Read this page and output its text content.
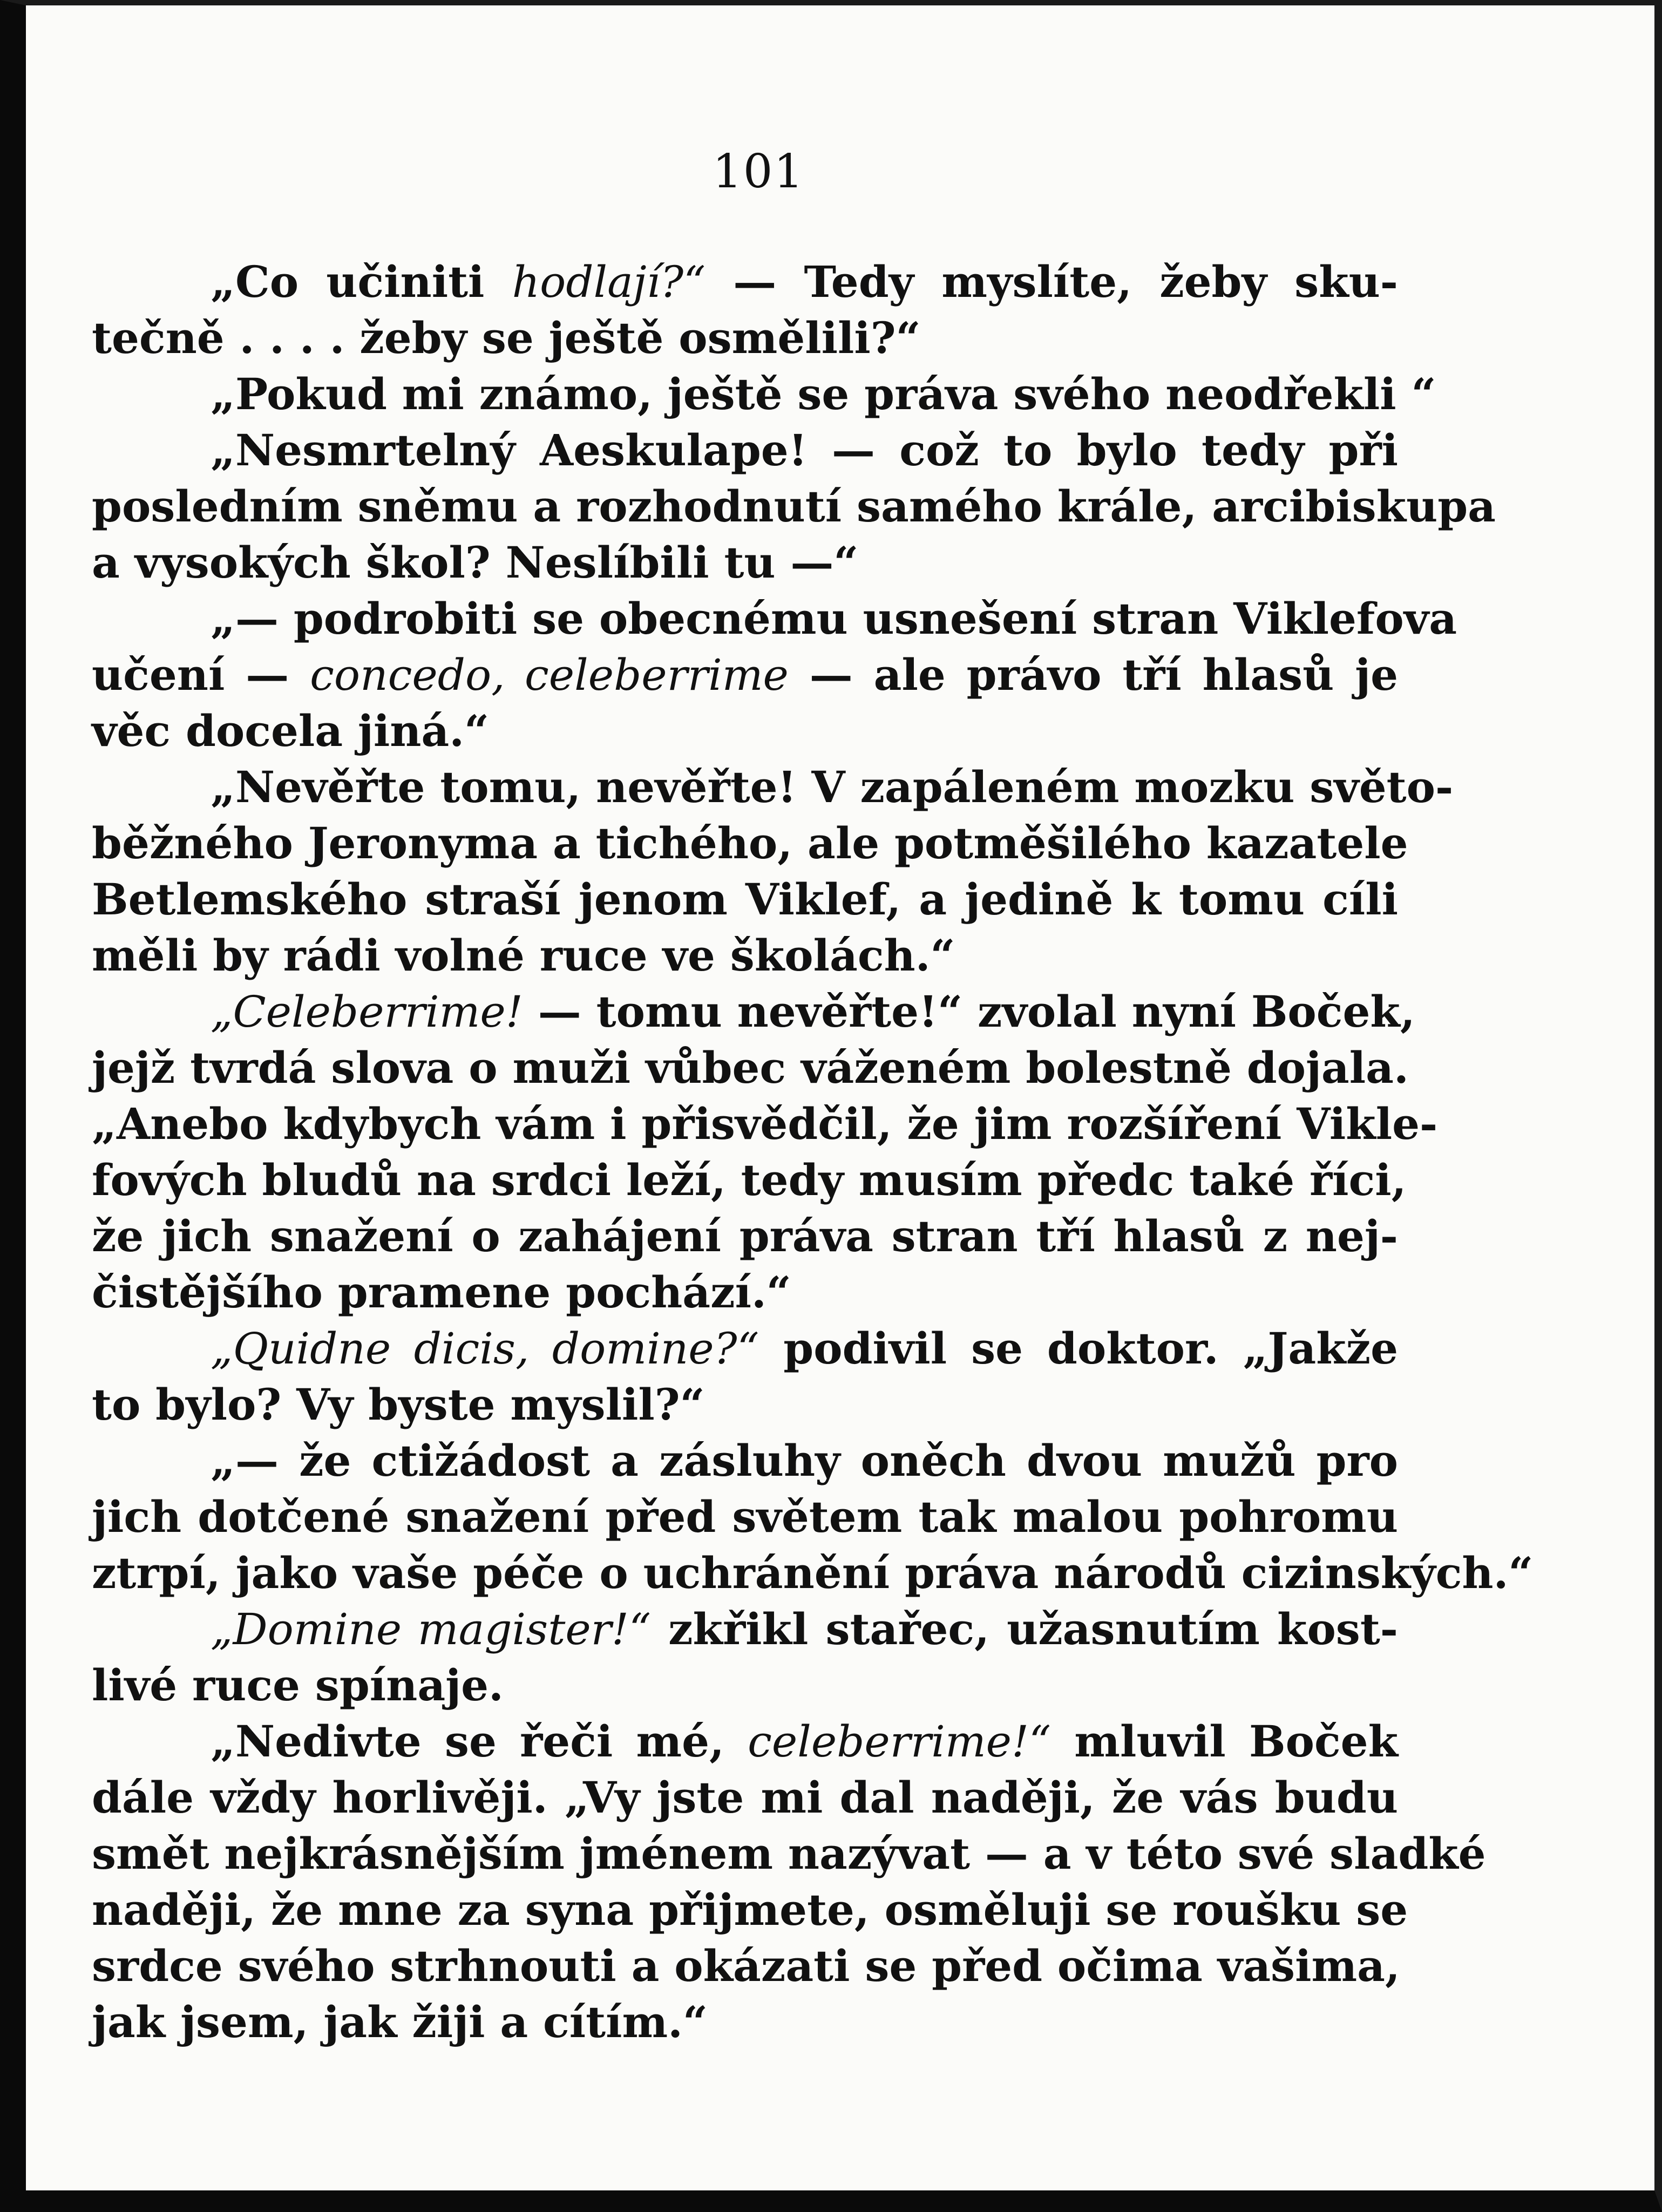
101
„Co učiniti hodlají?“ — Tedy myslíte, žeby sku-
tečně . . . . žeby se ještě osmělili?“
„Pokud mi známo, ještě se práva svého neodřekli “
„Nesmrtelný Aeskulape! — což to bylo tedy při
posledním sněmu a rozhodnutí samého krále, arcibiskupa
a vysokých škol? Neslíbili tu —“
„— podrobiti se obecnému usnešení stran Viklefova
učení — concedo, celeberrime — ale právo tří hlasů je
věc docela jiná.“
„Nevěřte tomu, nevěřte! V zapáleném mozku světo-
běžného Jeronyma a tichého, ale potměšilého kazatele
Betlemského straší jenom Viklef, a jedině k tomu cíli
měli by rádi volné ruce ve školách.“
„Celeberrime! — tomu nevěřte!“ zvolal nyní Boček,
jejž tvrdá slova o muži vůbec váženém bolestně dojala.
„Anebo kdybych vám i přisvědčil, že jim rozšíření Vikle-
fových bludů na srdci leží, tedy musím předc také říci,
že jich snažení o zahájení práva stran tří hlasů z nej-
čistějšího pramene pochází.“
„Quidne dicis, domine?“ podivil se doktor. „Jakže
to bylo? Vy byste myslil?“
„— že ctižádost a zásluhy oněch dvou mužů pro
jich dotčené snažení před světem tak malou pohromu
ztrpí, jako vaše péče o uchránění práva národů cizinských.“
„Domine magister!“ zkřikl stařec, užasnutím kost-
livé ruce spínaje.
„Nedivte se řeči mé, celeberrime!“ mluvil Boček
dále vždy horlivěji. „Vy jste mi dal naději, že vás budu
smět nejkrásnějším jménem nazývat — a v této své sladké
naději, že mne za syna přijmete, osměluji se roušku se
srdce svého strhnouti a okázati se před očima vašima,
jak jsem, jak žiji a cítím.“
